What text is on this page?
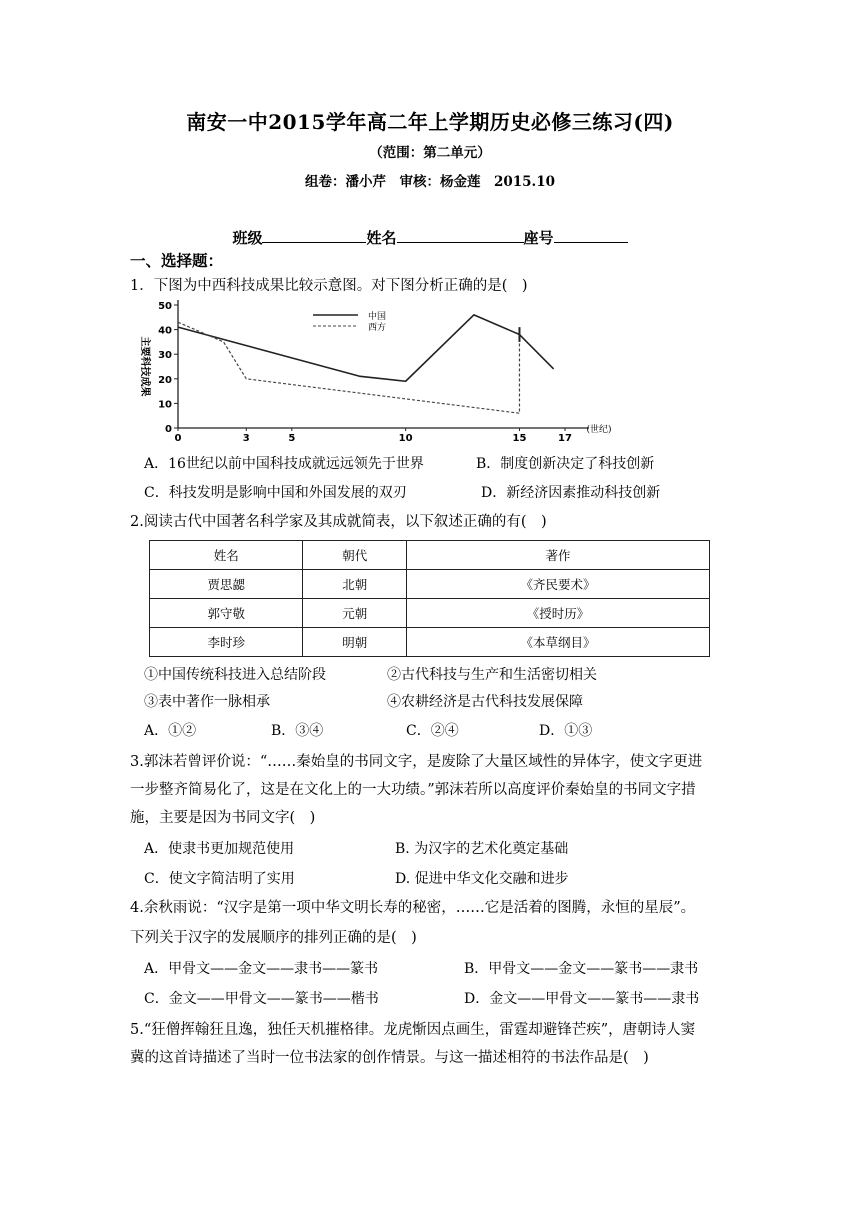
南安一中2015学年高二年上学期历史必修三练习(四)
（范围：第二单元）
组卷：潘小芹　审核：杨金莲　2015.10
班级	姓名	座号
一、选择题：
1．下图为中西科技成果比较示意图。对下图分析正确的是(　)
0
10
20
30
40
50
0	3	5	10	15	17
中国
西方
主要科技成果
(世纪)
A．16世纪以前中国科技成就远远领先于世界	B．制度创新决定了科技创新
C．科技发明是影响中国和外国发展的双刃	D．新经济因素推动科技创新
2.阅读古代中国著名科学家及其成就简表，以下叙述正确的有(　)
姓名	朝代	著作
贾思勰	北朝	《齐民要术》
郭守敬	元朝	《授时历》
李时珍	明朝	《本草纲目》
①中国传统科技进入总结阶段	②古代科技与生产和生活密切相关
③表中著作一脉相承	④农耕经济是古代科技发展保障
A．①②	B．③④	C．②④	D．①③
3.郭沫若曾评价说：“……秦始皇的书同文字，是废除了大量区域性的异体字，使文字更进
一步整齐简易化了，这是在文化上的一大功绩。”郭沫若所以高度评价秦始皇的书同文字措
施，主要是因为书同文字(　)
A．使隶书更加规范使用	B. 为汉字的艺术化奠定基础
C．使文字简洁明了实用	D. 促进中华文化交融和进步
4.余秋雨说：“汉字是第一项中华文明长寿的秘密，……它是活着的图腾，永恒的星辰”。
下列关于汉字的发展顺序的排列正确的是(　)
A．甲骨文——金文——隶书——篆书	B．甲骨文——金文——篆书——隶书
C．金文——甲骨文——篆书——楷书	D．金文——甲骨文——篆书——隶书
5.“狂僧挥翰狂且逸，独任天机摧格律。龙虎惭因点画生，雷霆却避锋芒疾”，唐朝诗人窦
冀的这首诗描述了当时一位书法家的创作情景。与这一描述相符的书法作品是(　)
